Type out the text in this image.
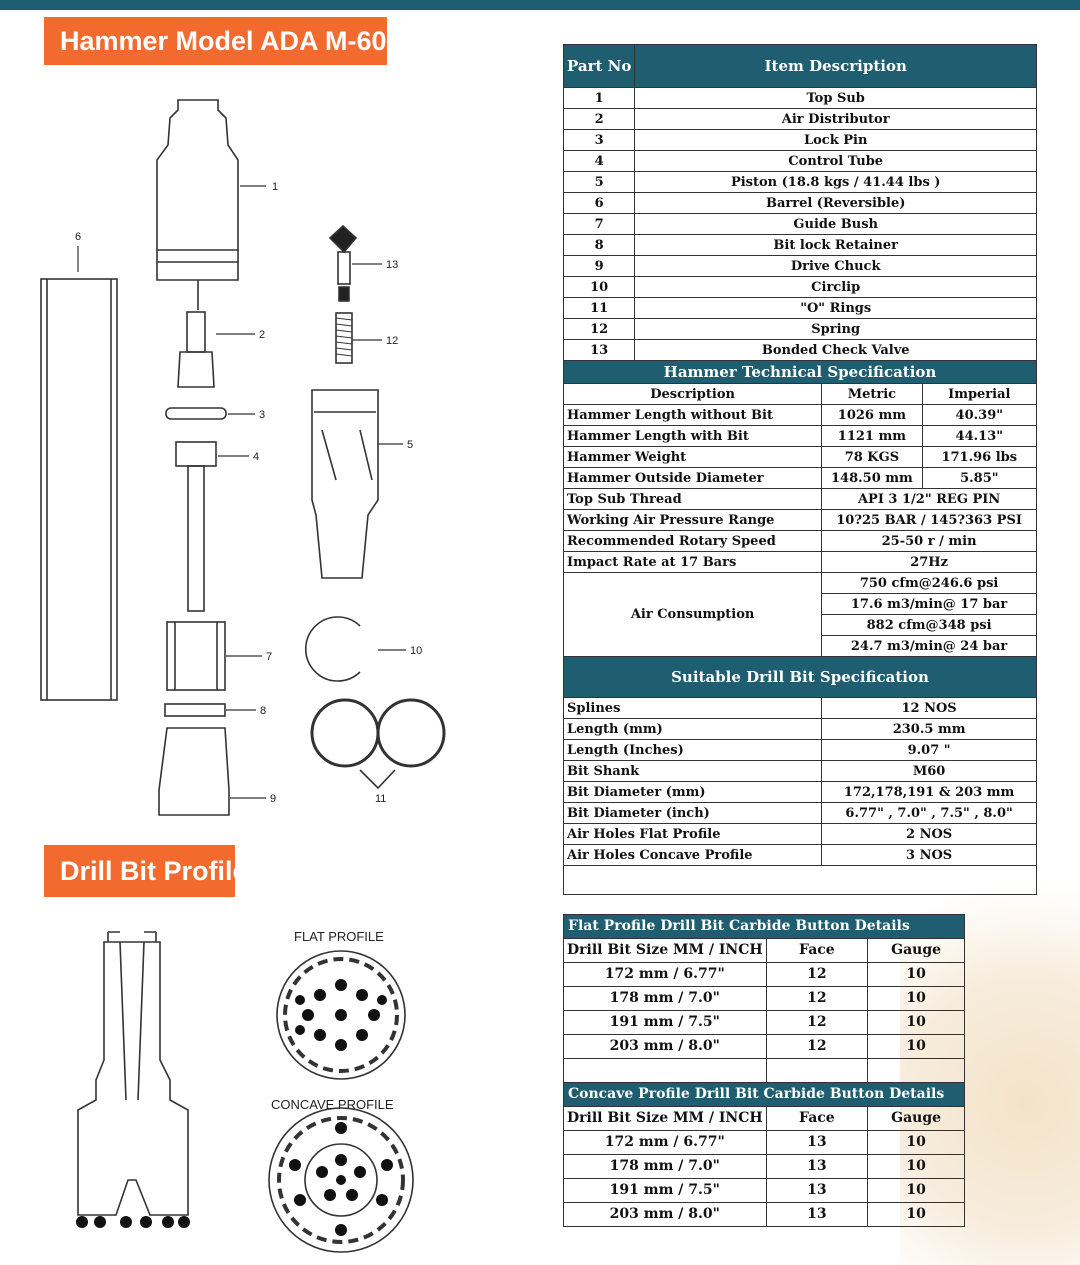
Hammer Model ADA M-60
Drill Bit Profile
1
2
3
4
5
6
7
8
9
10
11
12
13
FLAT PROFILE
CONCAVE PROFILE
Part No	Item Description		
1	Top Sub		
2	Air Distributor		
3	Lock Pin		
4	Control Tube		
5	Piston (18.8 kgs / 41.44 lbs )		
6	Barrel (Reversible)		
7	Guide Bush		
8	Bit lock Retainer		
9	Drive Chuck		
10	Circlip		
11	"O" Rings		
12	Spring		
13	Bonded Check Valve		
Hammer Technical Specification			
Description		Metric	Imperial
Hammer Length without Bit		1026 mm	40.39"
Hammer Length with Bit		1121 mm	44.13"
Hammer Weight		78 KGS	171.96 lbs
Hammer Outside Diameter		148.50 mm	5.85"
Top Sub Thread		API 3 1/2" REG PIN	
Working Air Pressure Range		10?25 BAR / 145?363 PSI	
Recommended Rotary Speed		25-50 r / min	
Impact Rate at 17 Bars		27Hz	
Air Consumption		750 cfm@246.6 psi	
		17.6 m3/min@ 17 bar	
		882 cfm@348 psi	
		24.7 m3/min@ 24 bar	
Suitable Drill Bit Specification			
Splines		12 NOS	
Length (mm)		230.5 mm	
Length (Inches)		9.07 "	
Bit Shank		M60	
Bit Diameter (mm)		172,178,191 & 203 mm	
Bit Diameter (inch)		6.77" , 7.0" , 7.5" , 8.0"	
Air Holes Flat Profile		2 NOS	
Air Holes Concave Profile		3 NOS	

Flat Profile Drill Bit Carbide Button Details		
Drill Bit Size MM / INCH	Face	Gauge
172 mm / 6.77"	12	10
178 mm / 7.0"	12	10
191 mm / 7.5"	12	10
203 mm / 8.0"	12	10

Concave Profile Drill Bit Carbide Button Details		
Drill Bit Size MM / INCH	Face	Gauge
172 mm / 6.77"	13	10
178 mm / 7.0"	13	10
191 mm / 7.5"	13	10
203 mm / 8.0"	13	10
